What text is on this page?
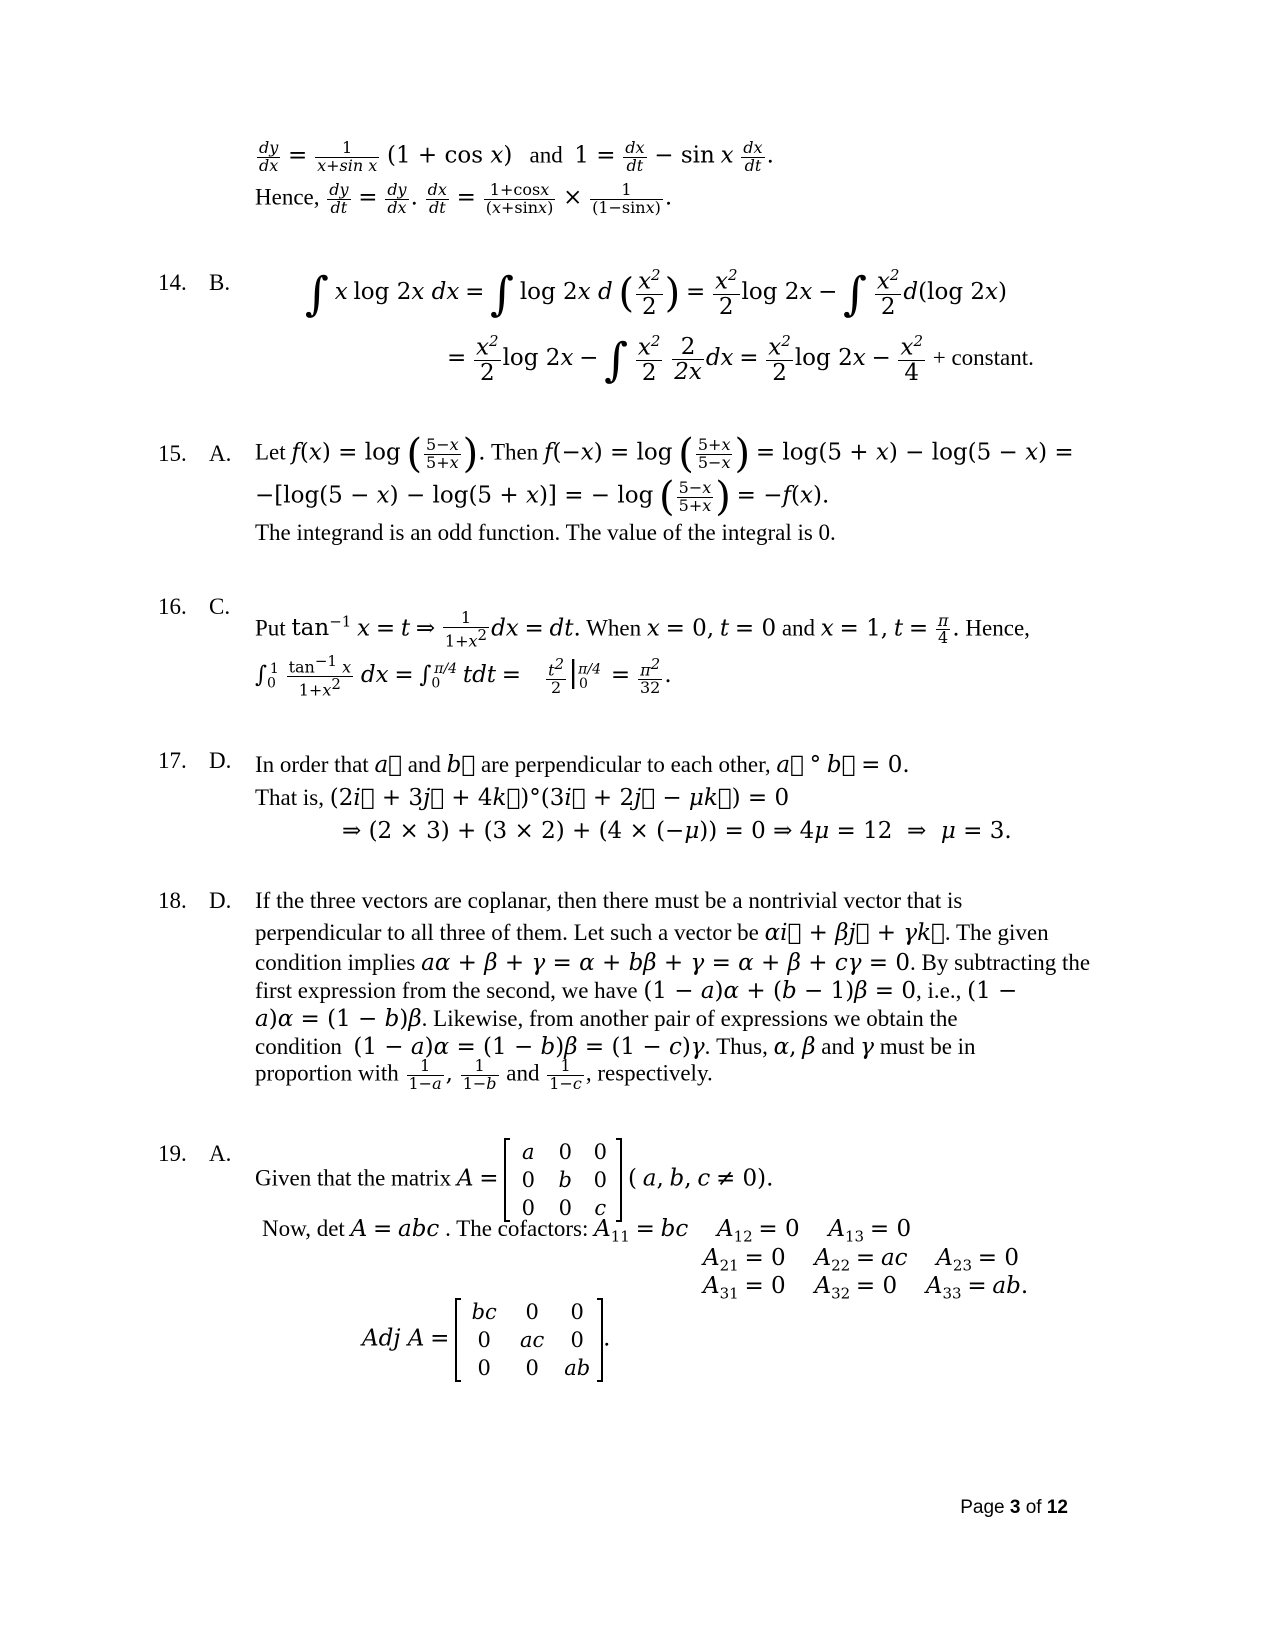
$\frac{dy}{dx} = \frac{1}{\text{x+sin x}} (1 + \cos x)$ and $1 = \frac{dx}{dt} - \sin x \frac{dx}{dt}$ .
Hence, $\frac{dy}{dt} = \frac{dy}{dx}$ . $\frac{dx}{dt} = \frac{1+\cos x}{(x+\sin x)} \times \frac{1}{(1-\sin x)}$ .
14. B. ∫ x log 2x dx = ∫ log 2x d ( $\frac{x^2}{2}$ ) = $\frac{x^2}{2}$ log 2x − ∫ $\frac{x^2}{2} d(\log$ 2x)
= $\frac{x^2}{2}$ log 2x − ∫ $\frac{x^2}{2}$
$\frac{2}{2x}$ dx = $\frac{x^2}{2}$ $\log 2x - \frac{x^2}{4}$ + constant.
15. A. Let f(x) = log ( $\frac{5-x}{5+x}$ ). Then f(−x) = log ( $\frac{5+x}{5-x}$ ) = log(5 + x) − log(5 − x) =
−[log(5 − x) − log(5 + x)] = − log ( $\frac{5-x}{5+x}$ ) = −f(x).
The integrand is an odd function. The value of the integral is 0.
16. C.
Put $\tan^{-1} x = t$ ⇒ $\frac{1}{1+x^2}$ dx = dt. When x = 0, t = 0 and x = 1, $t = \frac{\pi}{4}$ . Hence,
$\int_0^1 \frac{\tan^{-1} x}{1+x^2}$ dx = $\int_0^{\pi/4}$ tdt = $\frac{t^2}{2} |^{\pi/4}_0 = \frac{\pi^2}{32}$ .
17. D. In order that a⃗ and b⃗ are perpendicular to each other, a⃗ ° b⃗ = 0.
That is, (2i⃗ + 3j⃗ + 4k⃗)°(3i⃗ + 2j⃗ − μk⃗) = 0
⇒ (2 × 3) + (3 × 2) + (4 × (−μ)) = 0 ⇒ 4μ = 12  ⇒  μ = 3.
18. D. If the three vectors are coplanar, then there must be a nontrivial vector that is
perpendicular to all three of them. Let such a vector be αi⃗ + βj⃗ + γk⃗. The given
condition implies aα + β + γ = α + bβ + γ = α + β + cγ = 0. By subtracting the
first expression from the second, we have (1 − a)α + (b − 1)β = 0, i.e., (1 −
a)α = (1 − b)β. Likewise, from another pair of expressions we obtain the
condition (1 − a)α = (1 − b)β = (1 − c)γ. Thus, α, β and γ must be in
proportion with $\frac{1}{1-a}$ , $\frac{1}{1-b}$ and $\frac{1}{1-c}$ , respectively.
19. A.
Given that the matrix A =
a	0	0
0	b	0
0	0	c
( a, b, c ≠ 0).
Now, det A = abc . The cofactors: $A_{11}$ = bc $A_{12} = 0$ $A_{13} = 0$
$A_{21} = 0$ $A_{22}$ = ac $A_{23} = 0$
$A_{31} = 0$ $A_{32} = 0$ $A_{33}$ = ab.
Adj A =
bc	0	0
0	ac	0
0	0	ab
.
Page 3 of 12
